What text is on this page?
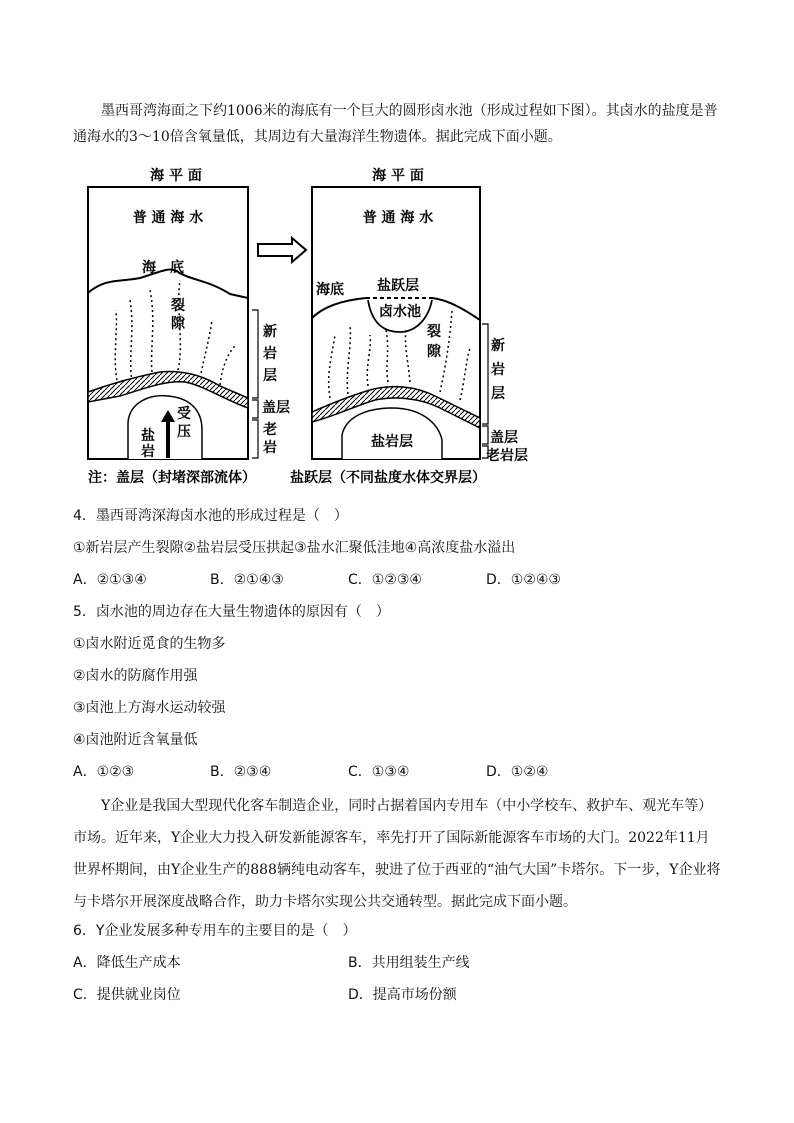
墨西哥湾海面之下约1006米的海底有一个巨大的圆形卤水池（形成过程如下图）。其卤水的盐度是普通海水的3～10倍含氧量低，其周边有大量海洋生物遗体。据此完成下面小题。
海 平 面
普 通 海 水
海　底
裂
隙
盐
岩
受
压
新
岩
层
盖层
老
岩
海 平 面
普 通 海 水
海底 盐跃层
卤水池
裂
隙
盐岩层
新
岩
层
盖层
老岩层
注：盖层（封堵深部流体） 盐跃层（不同盐度水体交界层）
4．墨西哥湾深海卤水池的形成过程是（　）
①新岩层产生裂隙②盐岩层受压拱起③盐水汇聚低洼地④高浓度盐水溢出
A．②①③④	B．②①④③	C．①②③④	D．①②④③
5．卤水池的周边存在大量生物遗体的原因有（　）
①卤水附近觅食的生物多
②卤水的防腐作用强
③卤池上方海水运动较强
④卤池附近含氧量低
A．①②③	B．②③④	C．①③④	D．①②④
Y企业是我国大型现代化客车制造企业，同时占据着国内专用车（中小学校车、救护车、观光车等）市场。近年来，Y企业大力投入研发新能源客车，率先打开了国际新能源客车市场的大门。2022年11月世界杯期间，由Y企业生产的888辆纯电动客车，驶进了位于西亚的“油气大国”卡塔尔。下一步，Y企业将与卡塔尔开展深度战略合作，助力卡塔尔实现公共交通转型。据此完成下面小题。
6．Y企业发展多种专用车的主要目的是（　）
A．降低生产成本	B．共用组装生产线
C．提供就业岗位	D．提高市场份额
